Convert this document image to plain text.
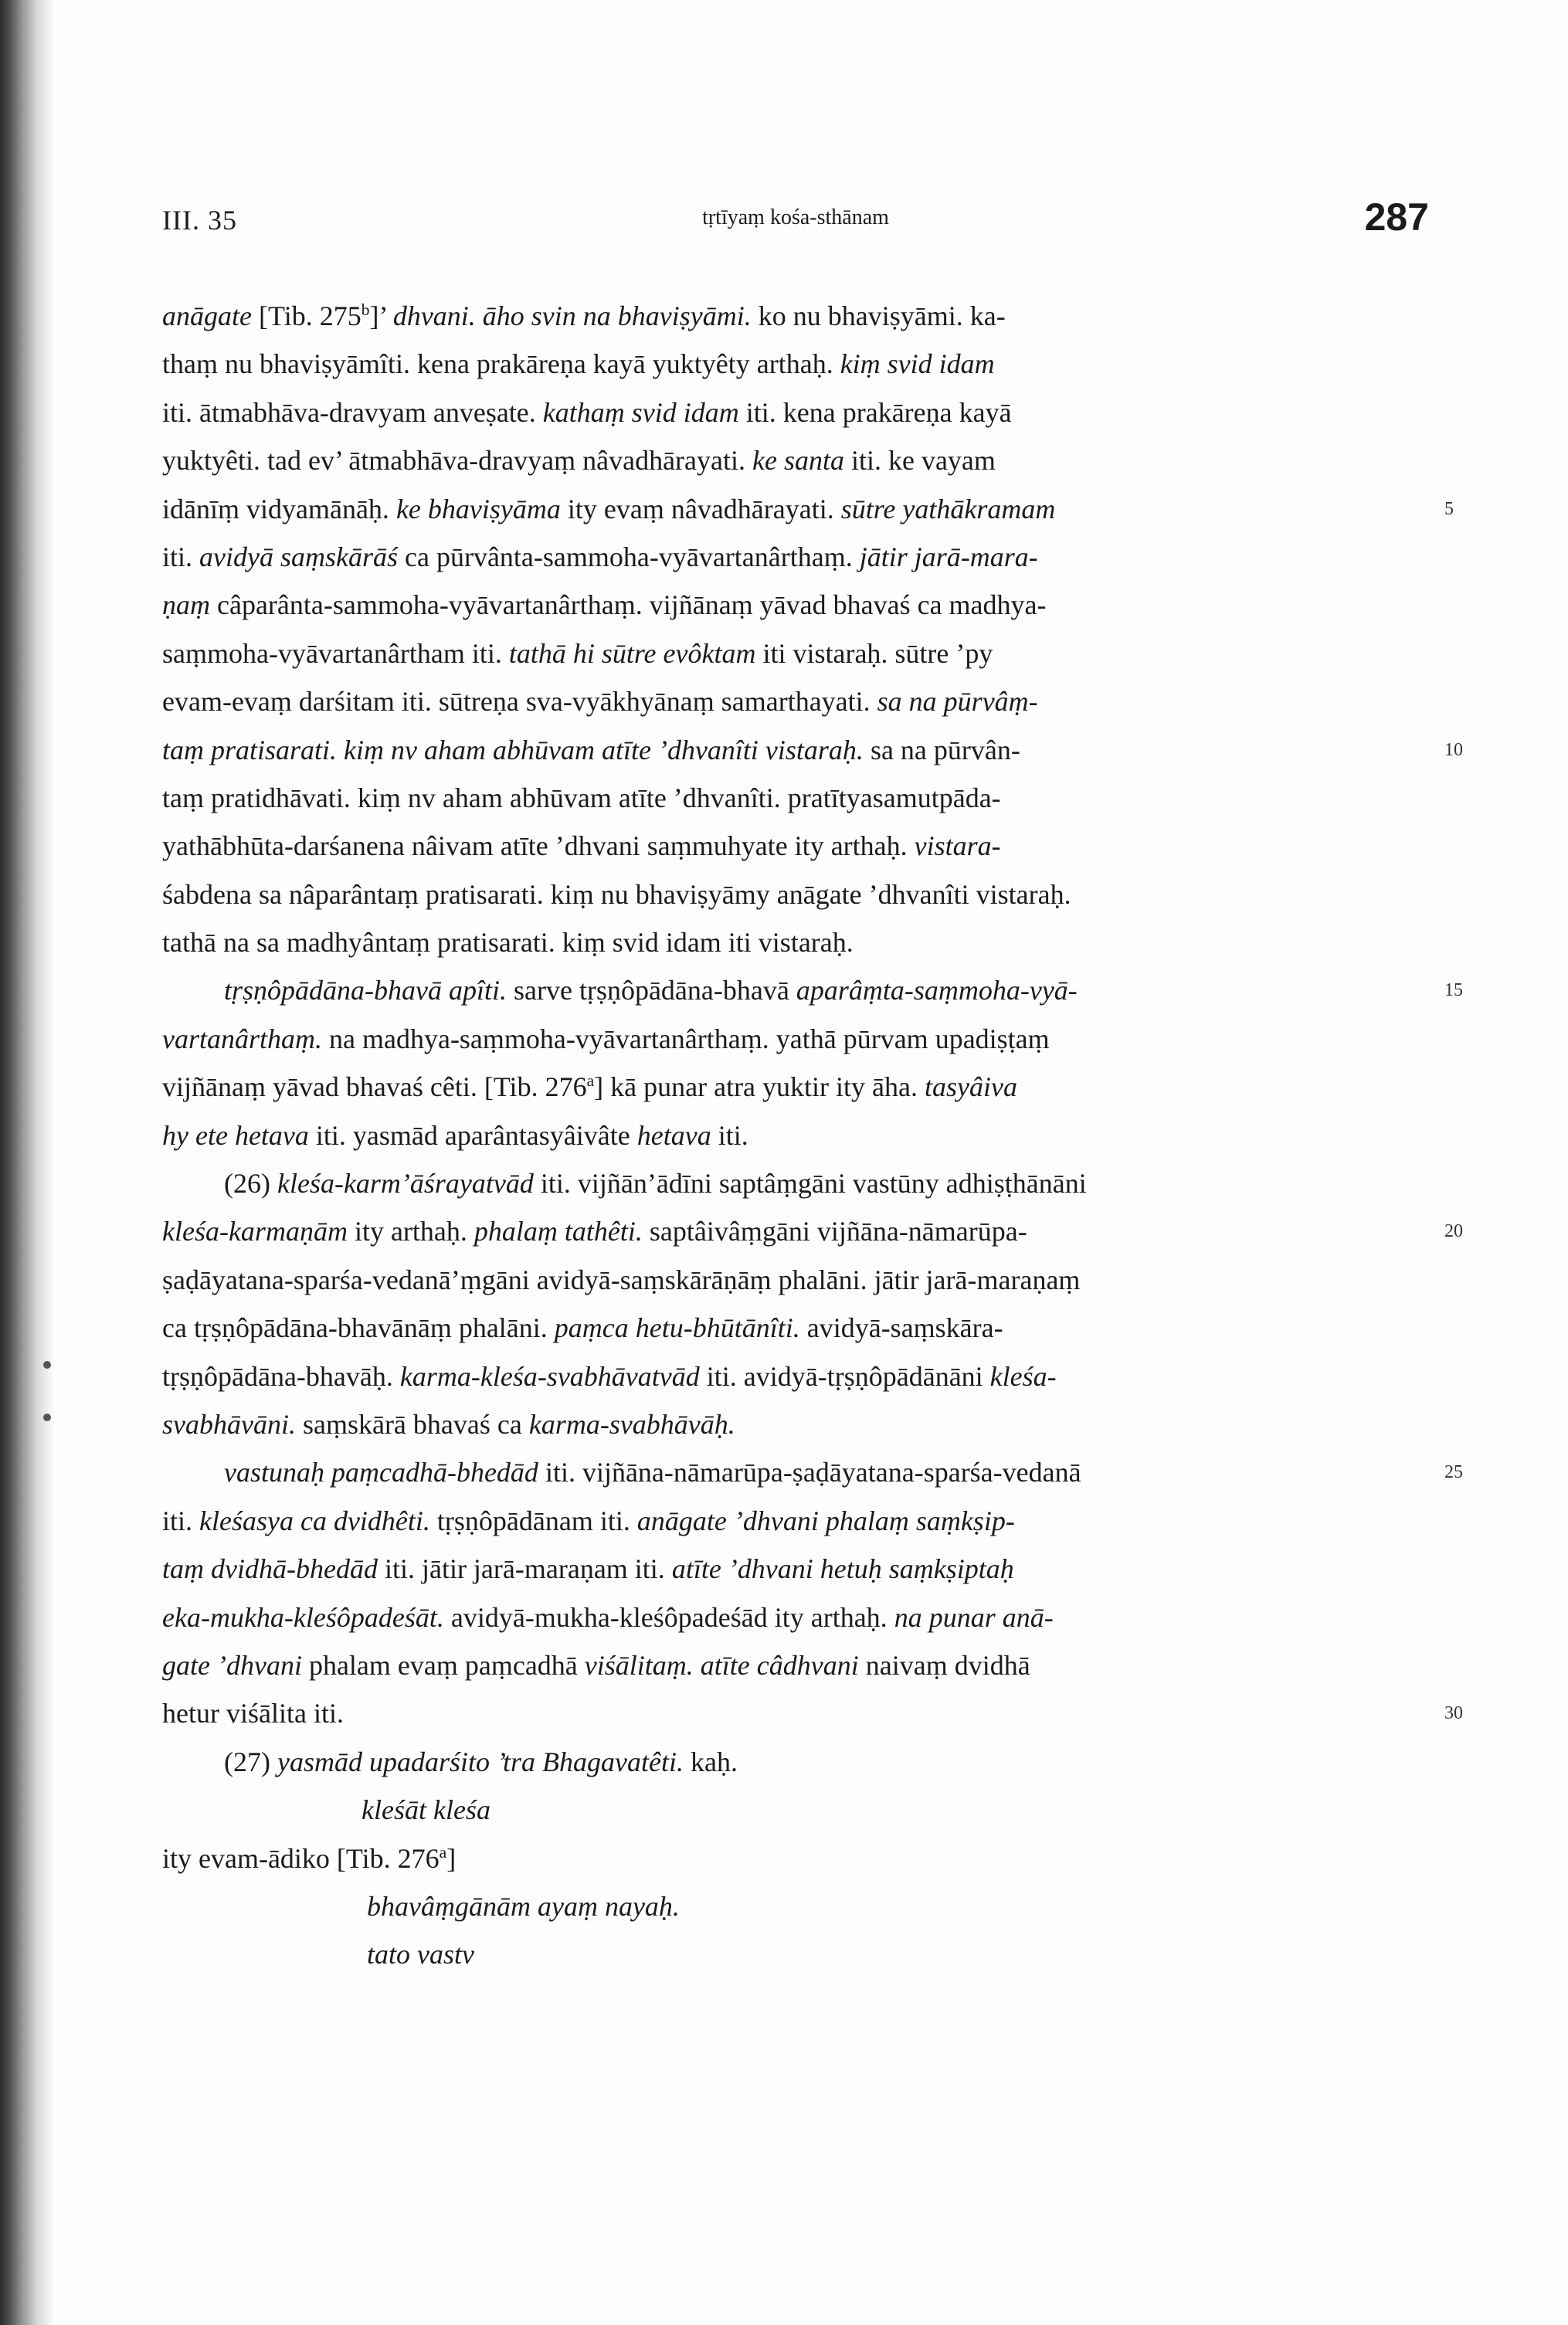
III. 35	tṛtīyaṃ kośa-sthānam	287
anāgate [Tib. 275$^b$]’ dhvani. āho svin na bhaviṣyāmi. ko nu bhaviṣyāmi. ka-
thaṃ nu bhaviṣyāmîti. kena prakāreṇa kayā yuktyêty arthaḥ. kiṃ svid idam
iti. ātmabhāva-dravyam anveṣate. kathaṃ svid idam iti. kena prakāreṇa kayā
yuktyêti. tad ev’ ātmabhāva-dravyaṃ nâvadhārayati. ke santa iti. ke vayam
idānīṃ vidyamānāḥ. ke bhaviṣyāma ity evaṃ nâvadhārayati. sūtre yathākramam	5
iti. avidyā saṃskārāś ca pūrvânta-sammoha-vyāvartanârthaṃ. jātir jarā-mara-
ṇaṃ câparânta-sammoha-vyāvartanârthaṃ. vijñānaṃ yāvad bhavaś ca madhya-
saṃmoha-vyāvartanârtham iti. tathā hi sūtre evôktam iti vistaraḥ. sūtre ’py
evam-evaṃ darśitam iti. sūtreṇa sva-vyākhyānaṃ samarthayati. sa na pūrvâṃ-
taṃ pratisarati. kiṃ nv aham abhūvam atīte ’dhvanîti vistaraḥ. sa na pūrvân-	10
taṃ pratidhāvati. kiṃ nv aham abhūvam atīte ’dhvanîti. pratītyasamutpāda-
yathābhūta-darśanena nâivam atīte ’dhvani saṃmuhyate ity arthaḥ. vistara-
śabdena sa nâparântaṃ pratisarati. kiṃ nu bhaviṣyāmy anāgate ’dhvanîti vistaraḥ.
tathā na sa madhyântaṃ pratisarati. kiṃ svid idam iti vistaraḥ.
tṛṣṇôpādāna-bhavā apîti. sarve tṛṣṇôpādāna-bhavā aparâṃta-saṃmoha-vyā-	15
vartanârthaṃ. na madhya-saṃmoha-vyāvartanârthaṃ. yathā pūrvam upadiṣṭaṃ
vijñānaṃ yāvad bhavaś cêti. [Tib. 276$^a$] kā punar atra yuktir ity āha. tasyâiva
hy ete hetava iti. yasmād aparântasyâivâte hetava iti.
(26) kleśa-karm’āśrayatvād iti. vijñān’ādīni saptâṃgāni vastūny adhiṣṭhānāni
kleśa-karmaṇām ity arthaḥ. phalaṃ tathêti. saptâivâṃgāni vijñāna-nāmarūpa-	20
ṣaḍāyatana-sparśa-vedanā’ṃgāni avidyā-saṃskārāṇāṃ phalāni. jātir jarā-maraṇaṃ
ca tṛṣṇôpādāna-bhavānāṃ phalāni. paṃca hetu-bhūtānîti. avidyā-saṃskāra-
tṛṣṇôpādāna-bhavāḥ. karma-kleśa-svabhāvatvād iti. avidyā-tṛṣṇôpādānāni kleśa-
svabhāvāni. saṃskārā bhavaś ca karma-svabhāvāḥ.
vastunaḥ paṃcadhā-bhedād iti. vijñāna-nāmarūpa-ṣaḍāyatana-sparśa-vedanā	25
iti. kleśasya ca dvidhêti. tṛṣṇôpādānam iti. anāgate ’dhvani phalaṃ saṃkṣip-
taṃ dvidhā-bhedād iti. jātir jarā-maraṇam iti. atīte ’dhvani hetuḥ saṃkṣiptaḥ
eka-mukha-kleśôpadeśāt. avidyā-mukha-kleśôpadeśād ity arthaḥ. na punar anā-
gate ’dhvani phalam evaṃ paṃcadhā viśālitaṃ. atīte câdhvani naivaṃ dvidhā
hetur viśālita iti.	30
(27) yasmād upadarśito ’tra Bhagavatêti. kaḥ.
kleśāt kleśa
ity evam-ādiko [Tib. 276$^a$]
bhavâṃgānām ayaṃ nayaḥ.
tato vastv
